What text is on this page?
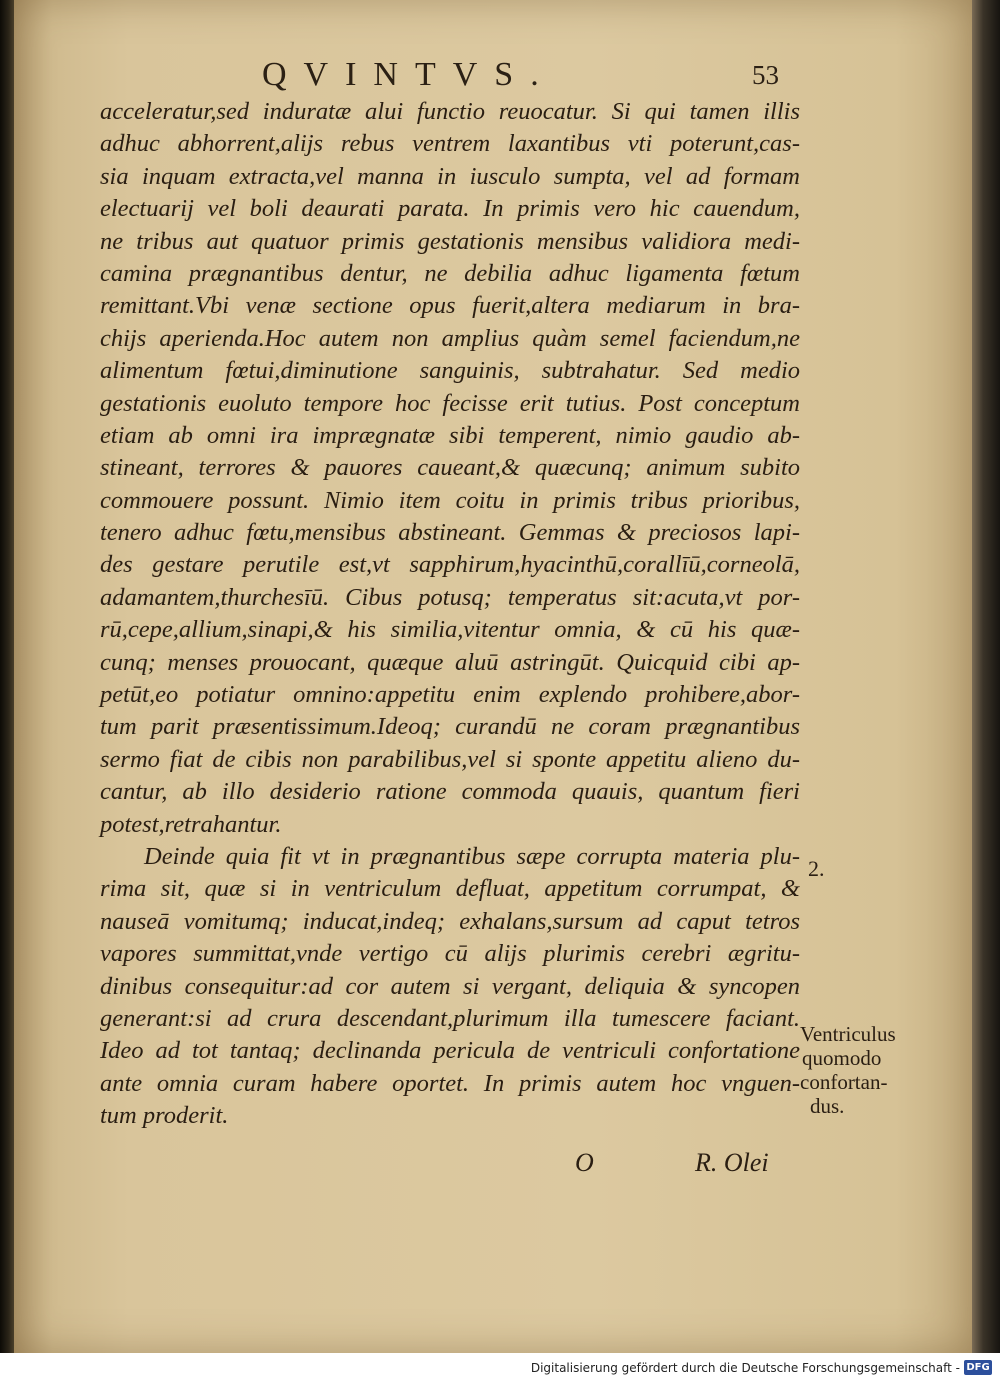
QVINTVS.	53
acceleratur,sed induratæ alui functio reuocatur. Si qui tamen illis
adhuc abhorrent,alijs rebus ventrem laxantibus vti poterunt,cas-
sia inquam extracta,vel manna in iusculo sumpta, vel ad formam
electuarij vel boli deaurati parata. In primis vero hic cauendum,
ne tribus aut quatuor primis gestationis mensibus validiora medi-
camina prægnantibus dentur, ne debilia adhuc ligamenta fœtum
remittant.Vbi venæ sectione opus fuerit,altera mediarum in bra-
chijs aperienda.Hoc autem non amplius quàm semel faciendum,ne
alimentum fœtui,diminutione sanguinis, subtrahatur. Sed medio
gestationis euoluto tempore hoc fecisse erit tutius. Post conceptum
etiam ab omni ira imprægnatæ sibi temperent, nimio gaudio ab-
stineant, terrores & pauores caueant,& quæcunq; animum subito
commouere possunt. Nimio item coitu in primis tribus prioribus,
tenero adhuc fœtu,mensibus abstineant. Gemmas & preciosos lapi-
des gestare perutile est,vt sapphirum,hyacinthū,corallīū,corneolā,
adamantem,thurchesīū. Cibus potusq; temperatus sit:acuta,vt por-
rū,cepe,allium,sinapi,& his similia,vitentur omnia, & cū his quæ-
cunq; menses prouocant, quæque aluū astringūt. Quicquid cibi ap-
petūt,eo potiatur omnino:appetitu enim explendo prohibere,abor-
tum parit præsentissimum.Ideoq; curandū ne coram prægnantibus
sermo fiat de cibis non parabilibus,vel si sponte appetitu alieno du-
cantur, ab illo desiderio ratione commoda quauis, quantum fieri
potest,retrahantur.
Deinde quia fit vt in prægnantibus sæpe corrupta materia plu-
rima sit, quæ si in ventriculum defluat, appetitum corrumpat, &
nauseā vomitumq; inducat,indeq; exhalans,sursum ad caput tetros
vapores summittat,vnde vertigo cū alijs plurimis cerebri ægritu-
dinibus consequitur:ad cor autem si vergant, deliquia & syncopen
generant:si ad crura descendant,plurimum illa tumescere faciant.
Ideo ad tot tantaq; declinanda pericula de ventriculi confortatione
ante omnia curam habere oportet. In primis autem hoc vnguen-
tum proderit.
2.
Ventriculus
quomodo
confortan-
dus.
O	R. Olei
Digitalisierung gefördert durch die Deutsche Forschungsgemeinschaft - DFG
